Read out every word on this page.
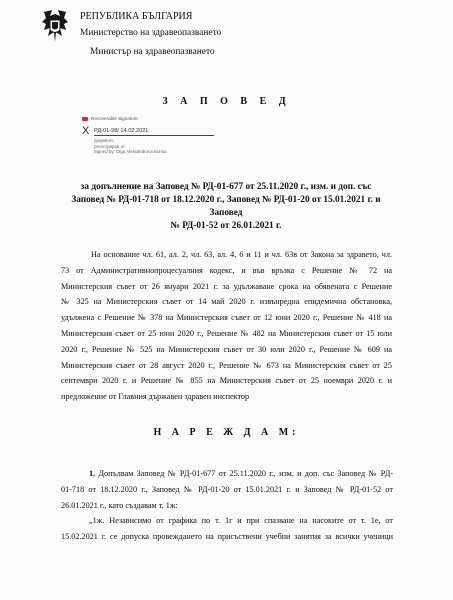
РЕПУБЛИКА БЪЛГАРИЯ
Министерство на здравеопазването
Министър на здравеопазването
З А П О В Е Д
Recoverable Signature
X РД-01-98/ 14.02.2021
документ,
регистриран от
Signed by: Olga Aleksandrova Borisa
за допълнение на Заповед № РД-01-677 от 25.11.2020 г., изм. и доп. със
Заповед № РД-01-718 от 18.12.2020 г., Заповед № РД-01-20 от 15.01.2021 г. и Заповед
№ РД-01-52 от 26.01.2021 г.
На основание чл. 61, ал. 2, чл. 63, ал. 4, 6 и 11 и чл. 63в от Закона за здравето, чл.
73 от Административнопроцесуалния кодекс, и във връзка с Решение № 72 на
Министерския съвет от 26 януари 2021 г. за удължаване срока на обявената с Решение
№ 325 на Министерския съвет от 14 май 2020 г. извънредна епидемична обстановка,
удължена с Решение № 378 на Министерския съвет от 12 юни 2020 г., Решение № 418 на
Министерския съвет от 25 юни 2020 г., Решение № 482 на Министерския съвет от 15 юли
2020 г., Решение № 525 на Министерския съвет от 30 юли 2020 г., Решение № 609 на
Министерския съвет от 28 август 2020 г., Решение № 673 на Министерския съвет от 25
септември 2020 г. и Решение № 855 на Министерския съвет от 25 ноември 2020 г. и
предложение от Главния държавен здравен инспектор
Н А Р Е Ж Д А М:
1. Допълвам Заповед № РД-01-677 от 25.11.2020 г., изм. и доп. със Заповед № РД-
01-718 от 18.12.2020 г., Заповед № РД-01-20 от 15.01.2021 г. и Заповед № РД-01-52 от
26.01.2021 г., като създавам т. 1ж:
„1ж. Независимо от графика по т. 1г и при спазване на насоките от т. 1е, от
15.02.2021 г. се допуска провеждането на присъствени учебни занятия за всички ученици
